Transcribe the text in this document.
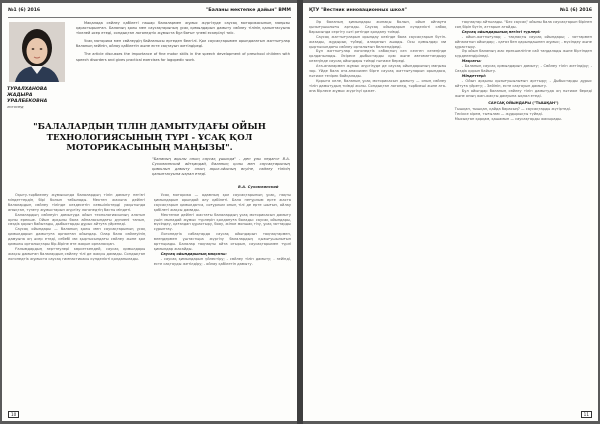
№1 (6) 2016	"Баланы мектепке дайын" ВММ
ТУРАЛХАНОВА ЖАДЫРА УРАЛБЕКОВНА
логопед

Мақалада сөйлеу қабілеті нашар балалармен жұмыс жүргізуде саусақ моторикасының маңызы қарастырылған. Баланың қолы мен саусақтарының ұсақ қимылдарын дамыту сөйлеу тілінің қалыптасуына тікелей әсер етеді, сондықтан логопедтік жұмыста бұл бағыт үнемі ескерілуі тиіс.

Ұсақ моторика мен сөйлеудің байланысы ертеден белгілі. Қол саусақтарымен орындалатын жаттығулар баланың зейінін, ойлау қабілетін және есте сақтауын жетілдіреді.

The article discusses the importance of fine motor skills in the speech development of preschool children with speech disorders and gives practical exercises for logopedic work.

"БАЛАЛАРДЫҢ ТІЛІН ДАМЫТУДАҒЫ ОЙЫН ТЕХНОЛОГИЯСЫНЫҢ ТҮРІ - ҰСАҚ ҚОЛ МОТОРИКАСЫНЫҢ МАҢЫЗЫ".
"Баланың ақылы оның саусақ ұшында" - деп ұлы педагог В.А. Сухомлинский айтқандай, баланың қолы мен саусақтарының қимылын дамыту оның ақыл-ойының өсуіне, сөйлеу тілінің қалыптасуына ықпал етеді.
В.А. Сухомлинский

Оқыту-тәрбиелеу жұмысында балалардың тілін дамыту негізгі міндеттердің бірі болып табылады. Мектеп жасына дейінгі балалардың сөйлеу тілінде кездесетін кемшіліктерді уақытында анықтап, түзету жұмыстарын жүргізу логопедтің басты міндеті.

Балалардың сөйлеуін дамытуда ойын технологиясының алатын орны ерекше. Ойын арқылы бала айналасындағы дүниені танып, сөздік қорын байытады, дыбыстарды дұрыс айтуға үйренеді.

Саусақ ойындары — баланың қолы мен саусақтарының ұсақ қимылдарын дамытуға арналған ойындар. Олар бала сөйлеуінің дамуына оң әсер етеді, себебі ми қыртысындағы сөйлеу және қол қимылы орталықтары бір-біріне өте жақын орналасқан.

Ғалымдардың зерттеулері көрсеткендей, саусақ қимылдары жақсы дамыған балалардың сөйлеу тілі де жақсы дамиды. Сондықтан логопедтік жұмыста саусақ гимнастикасы күнделікті қолданылады.

Ұсақ моторика — адамның қол саусақтарының ұсақ, нақты қимылдарын орындай алу қабілеті. Бала неғұрлым ерте жаста саусақтарын қимылдатса, соғұрлым оның тілі де ерте шығып, ойлау қабілеті жақсы дамиды.

Мектепке дейінгі жастағы балалардың ұсақ моторикасын дамыту үшін мынадай жұмыс түрлерін қолдануға болады: саусақ ойындары, мүсіндеу, қағаздан құрастыру, бояу, жіпке моншақ тізу, ұсақ заттарды сұрыптау.

Логопедтік сабақтарда саусақ ойындарын тақпақтармен, өлеңдермен ұштастыра жүргізу балалардың қызығушылығын арттырады. Балалар тақпақты айта отырып, саусақтарымен түрлі қимылдар жасайды.

Саусақ ойындарының мақсаты:

- саусақ қимылдарын үйлестіру; - сөйлеу тілін дамыту; - зейінді, есте сақтауды жетілдіру; - ойлау қабілетін дамыту.

10
ҚТУ "Вестник инновационных школ"	№1 (6) 2016

Әр баланың қимылдары жинақы болып, ойын ойнауға қызығушылығы артады. Саусақ ойындарын күнделікті сабақ барысында сергіту сәті ретінде қолдану тиімді.

Саусақ жаттығуларын орындау кезінде бала саусақтарын бүгіп-жазады, жұдырық түйеді, алақанын ашады. Осы қимылдар ми қыртысындағы сөйлеу орталығын белсендіреді.

Бұл жаттығулар логопедтік сабақтың кез келген кезеңінде қолданылады. Әсіресе дыбыстарды қою және автоматтандыру кезеңінде саусақ ойындары тиімді нәтиже береді.

Ата-аналармен жұмыс жүргізуде де саусақ ойындарының маңызы зор. Үйде бала ата-анасымен бірге саусақ жаттығуларын орындаса, нәтиже тезірек байқалады.

Қорыта келе, баланың ұсақ моторикасын дамыту — оның сөйлеу тілін дамытудың тиімді жолы. Сондықтан логопед, тәрбиеші және ата-ана бірлесе жұмыс жүргізуі қажет.

тақпақтар айтылады. "Бес саусақ" ойыны бала саусақтарын бірінен соң бірін бүгіп, аттарын атайды.

Саусақ ойындарының негізгі түрлері:

- ойын-жаттығулар; - тақпақты саусақ ойындары; - заттармен ойналатын ойындар; - қағаз бен қарындашпен жұмыс; - мүсіндеу және құрастыру.

Әр ойын баланың жас ерекшелігіне сай таңдалады және біртіндеп күрделендіріледі.

Мақсаты:

- Баланың саусақ қимылдарын дамыту; - Сөйлеу тілін жетілдіру; - Сөздік қорын байыту.

Міндеттері:

- Ойын арқылы қызығушылығын арттыру; - Дыбыстарды дұрыс айтуға үйрету; - Зейінін, есте сақтауын дамыту.

Бұл ойындар баланың сөйлеу тілін дамытуда оң нәтиже береді және оның жан-жақты дамуына ықпал етеді.

САУСАҚ ОЙЫНДАРЫ ("ТЫШҚАН")
Тышқан, тышқан, қайда барасың? — саусақтарды жүгіртеді.
Тесікке кірем, тығылам — жұдырықты түйеді.
Мысықтан қорқам, қашамын — саусақтарды жасырады.
11
